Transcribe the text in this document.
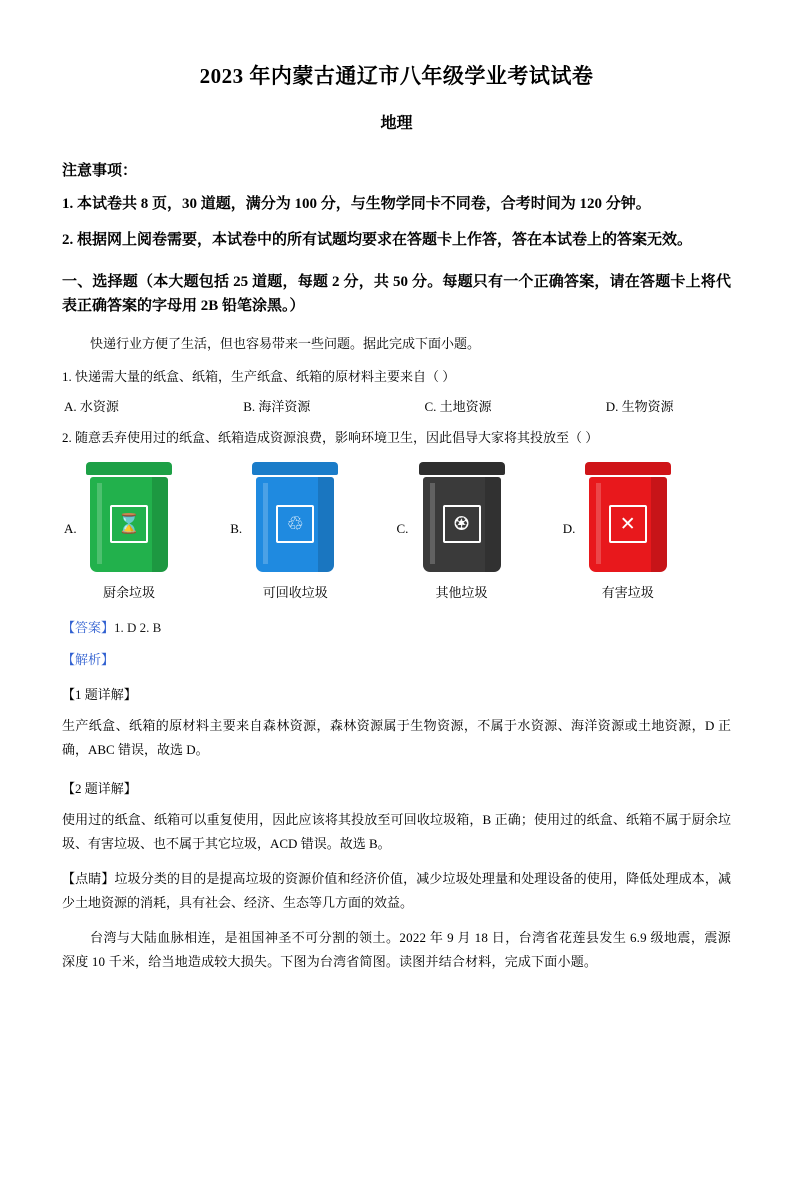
2023 年内蒙古通辽市八年级学业考试试卷
地理
注意事项：
1. 本试卷共 8 页，30 道题，满分为 100 分，与生物学同卡不同卷，合考时间为 120 分钟。
2. 根据网上阅卷需要，本试卷中的所有试题均要求在答题卡上作答，答在本试卷上的答案无效。
一、选择题（本大题包括 25 道题，每题 2 分，共 50 分。每题只有一个正确答案，请在答题卡上将代表正确答案的字母用 2B 铅笔涂黑。）
快递行业方便了生活，但也容易带来一些问题。据此完成下面小题。
1. 快递需大量的纸盒、纸箱，生产纸盒、纸箱的原材料主要来自（ ）
A. 水资源	B. 海洋资源	C. 土地资源	D. 生物资源
2. 随意丢弃使用过的纸盒、纸箱造成资源浪费，影响环境卫生，因此倡导大家将其投放至（ ）
A.	⌛
厨余垃圾
B.	♲
可回收垃圾
C.	♼
其他垃圾
D.	✕
有害垃圾
【答案】1. D 2. B
【解析】
【1 题详解】
生产纸盒、纸箱的原材料主要来自森林资源，森林资源属于生物资源，不属于水资源、海洋资源或土地资源，D 正确，ABC 错误，故选 D。
【2 题详解】
使用过的纸盒、纸箱可以重复使用，因此应该将其投放至可回收垃圾箱，B 正确；使用过的纸盒、纸箱不属于厨余垃圾、有害垃圾、也不属于其它垃圾，ACD 错误。故选 B。
【点睛】垃圾分类的目的是提高垃圾的资源价值和经济价值，减少垃圾处理量和处理设备的使用，降低处理成本，减少土地资源的消耗，具有社会、经济、生态等几方面的效益。
台湾与大陆血脉相连，是祖国神圣不可分割的领土。2022 年 9 月 18 日，台湾省花莲县发生 6.9 级地震，震源深度 10 千米，给当地造成较大损失。下图为台湾省简图。读图并结合材料，完成下面小题。
